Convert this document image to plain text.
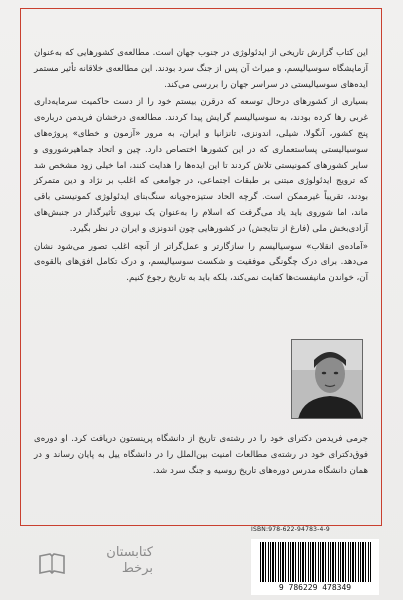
این کتاب گزارش تاریخی از ایدئولوژی در جنوب جهان است. مطالعه‌ی کشورهایی که به‌عنوان آزمایشگاه سوسیالیسم، و میراث آن پس از جنگ سرد بودند. این مطالعه‌ی خلاقانه تأثیر مستمر ایده‌های سوسیالیستی در سراسر جهان را بررسی می‌کند.

بسیاری از کشورهای درحال توسعه که درقرن بیستم خود را از دست حاکمیت سرمایه‌داری غربی رها کرده بودند، به سوسیالیسم گرایش پیدا کردند. مطالعه‌ی درخشان فریدمن درباره‌ی پنج کشور، آنگولا، شیلی، اندونزی، تانزانیا و ایران، به مرور «آزمون و خطای» پروژه‌های سوسیالیستی پساستعماری که در این کشورها اختصاص دارد. چین و اتحاد جماهیرشوروی و سایر کشورهای کمونیستی تلاش کردند تا این ایده‌ها را هدایت کنند، اما خیلی زود مشخص شد که ترویج ایدئولوژی مبتنی بر طبقات اجتماعی، در جوامعی که اغلب بر نژاد و دین متمرکز بودند، تقریباً غیرممکن است. گرچه الحاد ستیزه‌جویانه سنگ‌بنای ایدئولوژی کمونیستی باقی ماند، اما شوروی باید یاد می‌گرفت که اسلام را به‌عنوان یک نیروی تأثیرگذار در جنبش‌های آزادی‌بخش ملی (فارغ از نتایجش) در کشورهایی چون اندونزی و ایران در نظر بگیرد.

«آماده‌ی انقلاب» سوسیالیسم را سازگارتر و عمل‌گراتر از آنچه اغلب تصور می‌شود نشان می‌دهد. برای درک چگونگی موفقیت و شکست سوسیالیسم، و درک تکامل افق‌های بالقوه‌ی آن، خواندن مانیفست‌ها کفایت نمی‌کند، بلکه باید به تاریخ رجوع کنیم.

جرمی فریدمن دکترای خود را در رشته‌ی تاریخ از دانشگاه پرینستون دریافت کرد. او دوره‌ی فوق‌دکترای خود در رشته‌ی مطالعات امنیت بین‌الملل را در دانشگاه ییل به پایان رساند و در همان دانشگاه مدرس دوره‌های تاریخ روسیه و جنگ سرد شد.
ISBN:978-622-94783-4-9
9 786229 478349
کتابستان
برخط
